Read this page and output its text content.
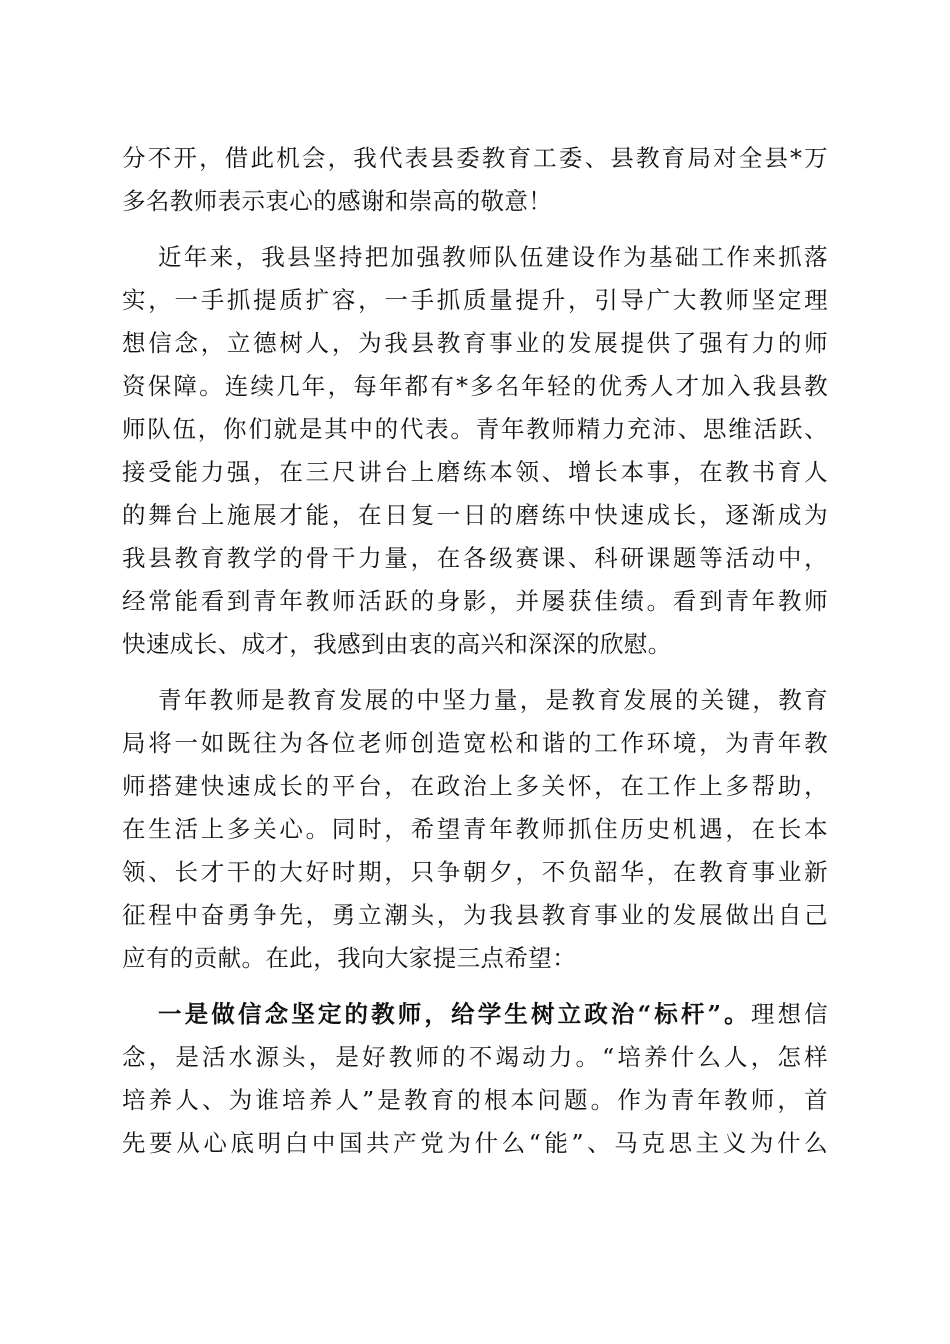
分不开，借此机会，我代表县委教育工委、县教育局对全县*万
多名教师表示衷心的感谢和崇高的敬意！
近年来，我县坚持把加强教师队伍建设作为基础工作来抓落
实，一手抓提质扩容，一手抓质量提升，引导广大教师坚定理
想信念，立德树人，为我县教育事业的发展提供了强有力的师
资保障。连续几年，每年都有*多名年轻的优秀人才加入我县教
师队伍，你们就是其中的代表。青年教师精力充沛、思维活跃、
接受能力强，在三尺讲台上磨练本领、增长本事，在教书育人
的舞台上施展才能，在日复一日的磨练中快速成长，逐渐成为
我县教育教学的骨干力量，在各级赛课、科研课题等活动中，
经常能看到青年教师活跃的身影，并屡获佳绩。看到青年教师
快速成长、成才，我感到由衷的高兴和深深的欣慰。
青年教师是教育发展的中坚力量，是教育发展的关键，教育
局将一如既往为各位老师创造宽松和谐的工作环境，为青年教
师搭建快速成长的平台，在政治上多关怀，在工作上多帮助，
在生活上多关心。同时，希望青年教师抓住历史机遇，在长本
领、长才干的大好时期，只争朝夕，不负韶华，在教育事业新
征程中奋勇争先，勇立潮头，为我县教育事业的发展做出自己
应有的贡献。在此，我向大家提三点希望：
一是做信念坚定的教师，给学生树立政治“标杆”。理想信
念，是活水源头，是好教师的不竭动力。“培养什么人，怎样
培养人、为谁培养人”是教育的根本问题。作为青年教师，首
先要从心底明白中国共产党为什么“能”、马克思主义为什么
